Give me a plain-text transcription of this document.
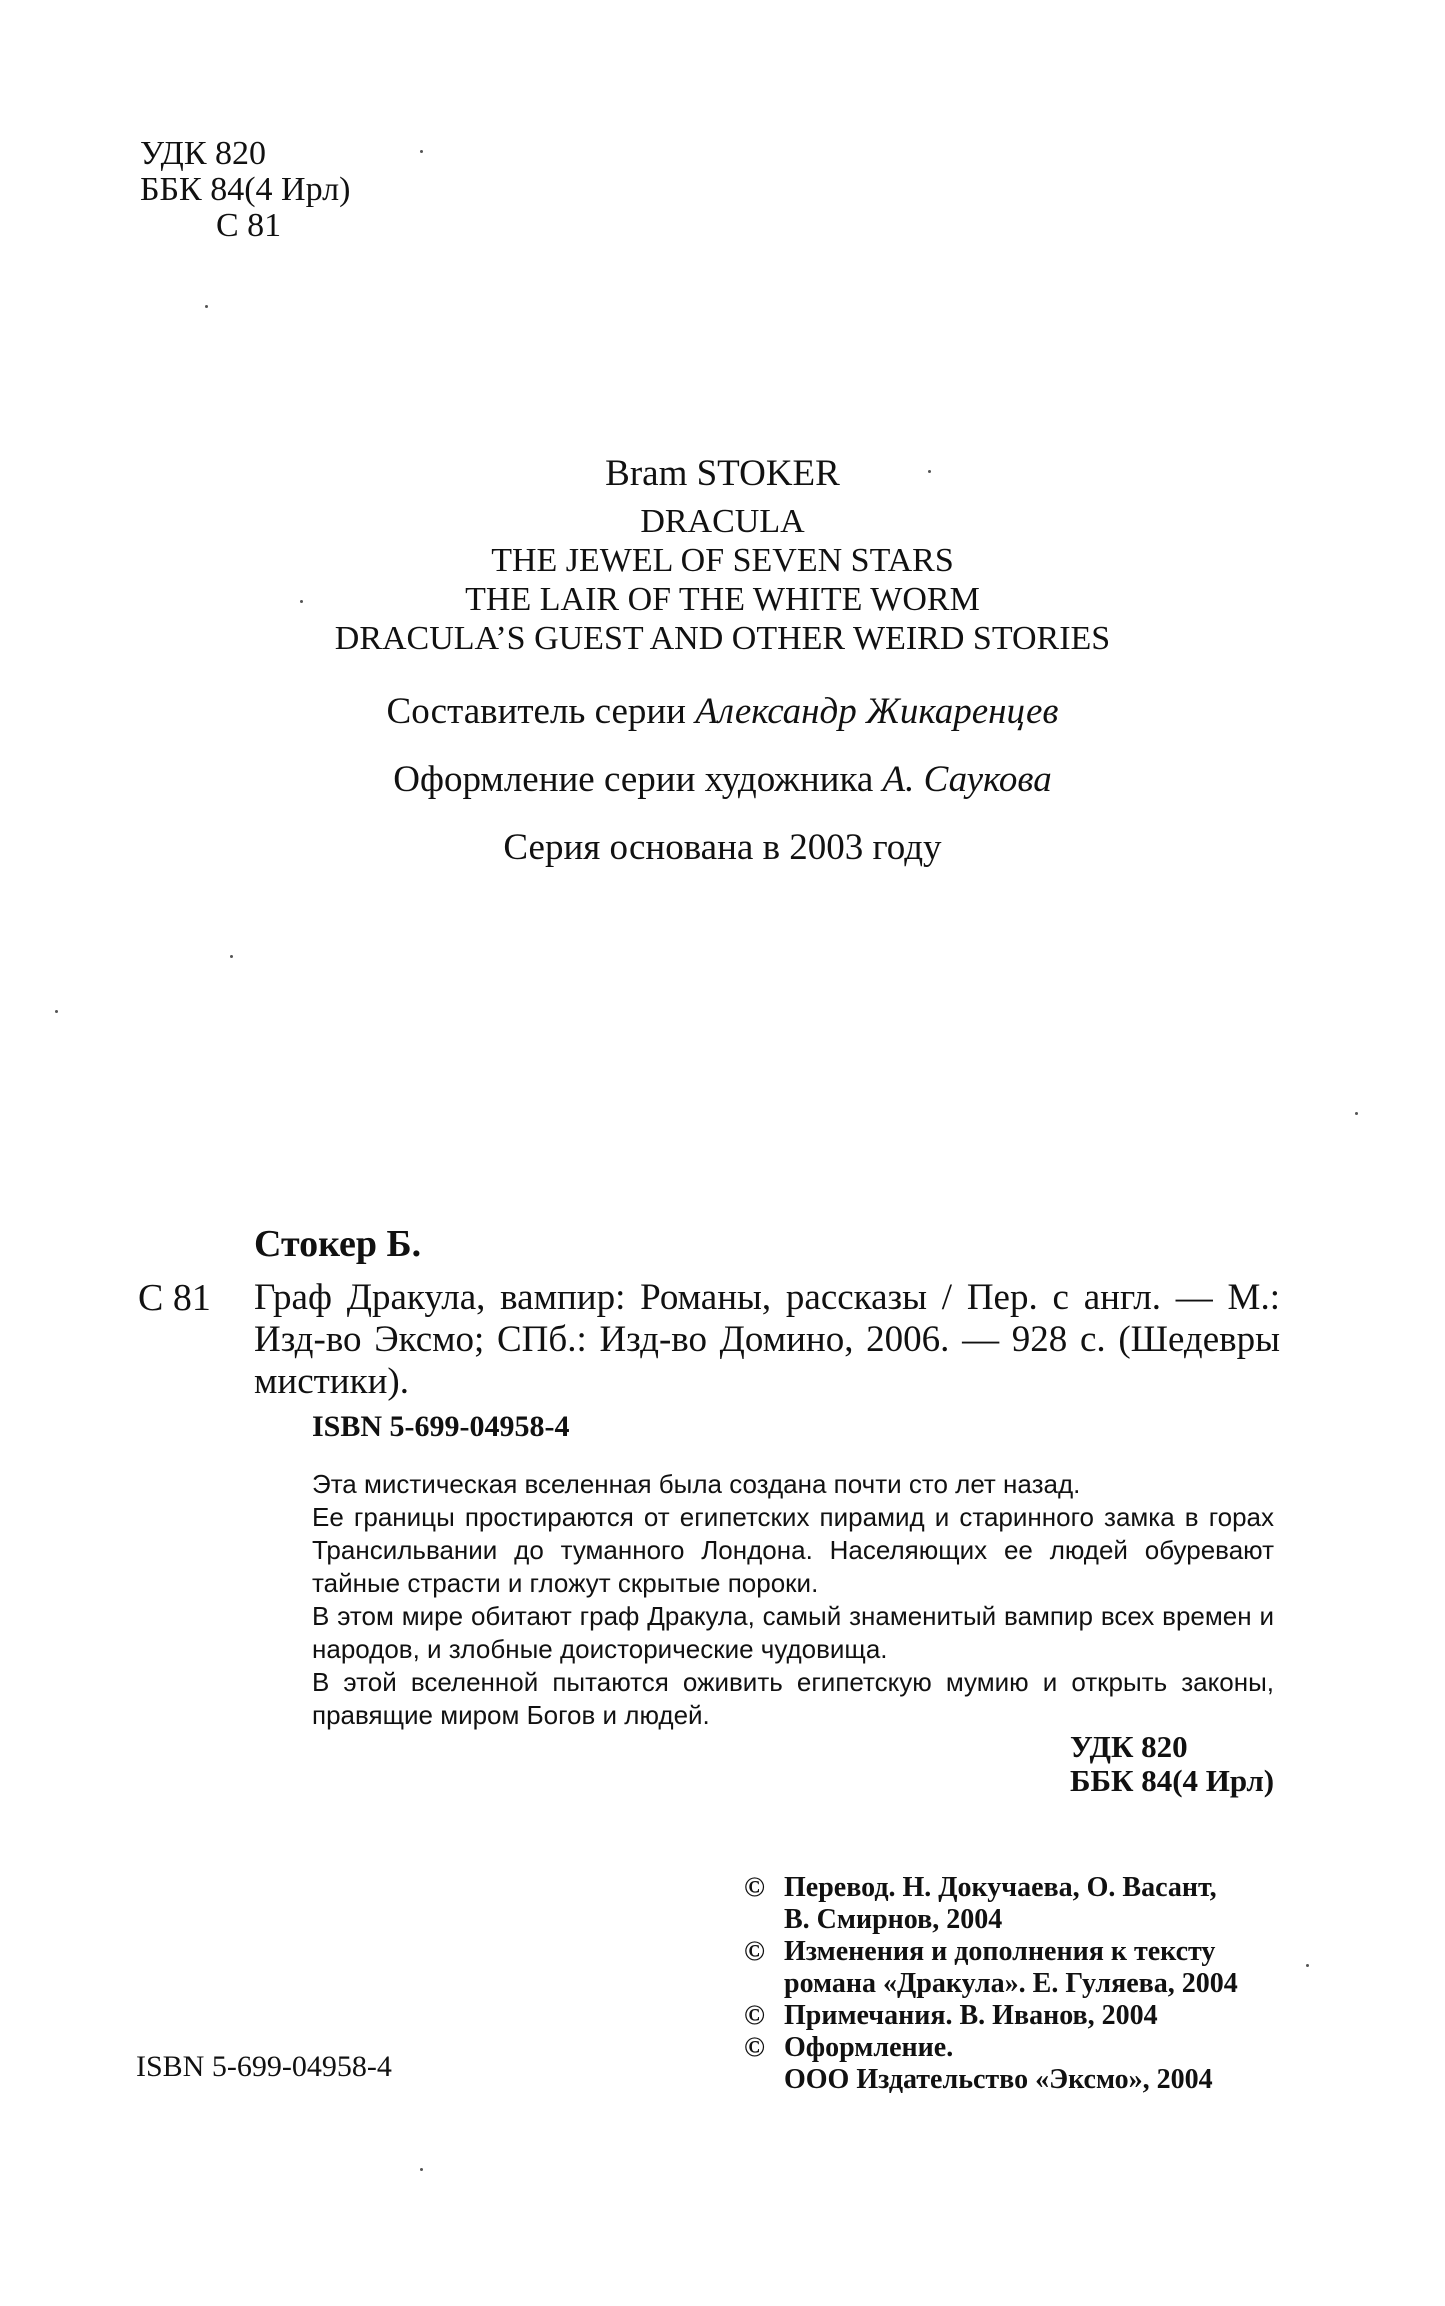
УДК 820
ББК 84(4 Ирл)
С 81
Bram STOKER
DRACULA
THE JEWEL OF SEVEN STARS
THE LAIR OF THE WHITE WORM
DRACULA’S GUEST AND OTHER WEIRD STORIES
Составитель серии Александр Жикаренцев
Оформление серии художника А. Саукова
Серия основана в 2003 году
Стокер Б.
С 81 Граф Дракула, вампир: Романы, рассказы / Пер. с англ. — М.: Изд-во Эксмо; СПб.: Изд-во Домино, 2006. — 928 с. (Шедевры мистики).
ISBN 5-699-04958-4

Эта мистическая вселенная была создана почти сто лет назад.

Ее границы простираются от египетских пирамид и старинного замка в горах Трансильвании до туманного Лондона. Населяющих ее людей обуревают тайные страсти и гложут скрытые пороки.

В этом мире обитают граф Дракула, самый знаменитый вампир всех времен и народов, и злобные доисторические чудовища.

В этой вселенной пытаются оживить египетскую мумию и открыть законы, правящие миром Богов и людей.

УДК 820
ББК 84(4 Ирл)
© Перевод. Н. Докучаева, О. Васант,
В. Смирнов, 2004
© Изменения и дополнения к тексту
романа «Дракула». Е. Гуляева, 2004
© Примечания. В. Иванов, 2004
© Оформление.
ООО Издательство «Эксмо», 2004
ISBN 5-699-04958-4
